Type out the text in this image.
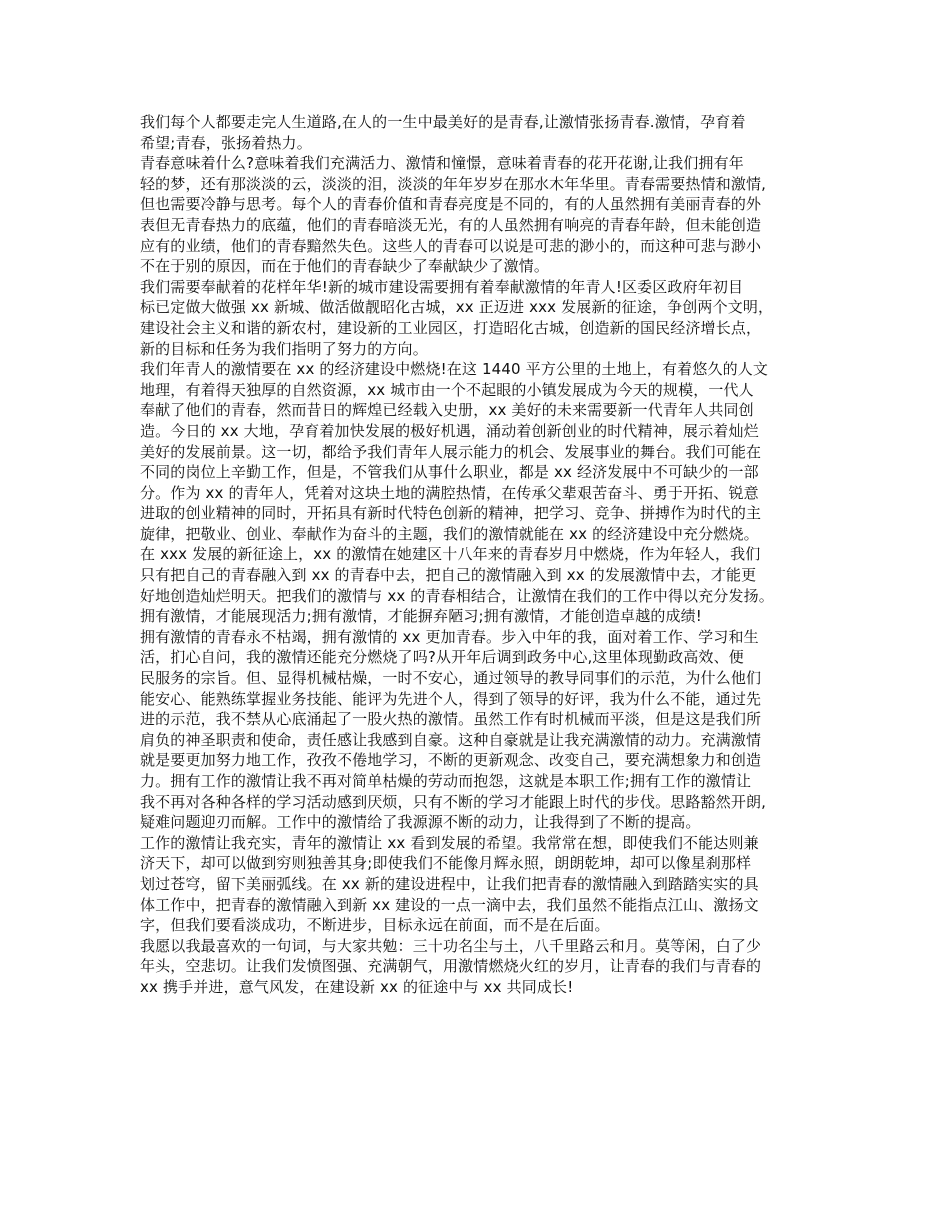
我们每个人都要走完人生道路,在人的一生中最美好的是青春,让激情张扬青春.激情，孕育着
希望;青春，张扬着热力。
青春意味着什么?意味着我们充满活力、激情和憧憬，意味着青春的花开花谢,让我们拥有年
轻的梦，还有那淡淡的云，淡淡的泪，淡淡的年年岁岁在那水木年华里。青春需要热情和激情,
但也需要冷静与思考。每个人的青春价值和青春亮度是不同的，有的人虽然拥有美丽青春的外
表但无青春热力的底蕴，他们的青春暗淡无光，有的人虽然拥有响亮的青春年龄，但未能创造
应有的业绩，他们的青春黯然失色。这些人的青春可以说是可悲的渺小的，而这种可悲与渺小
不在于别的原因，而在于他们的青春缺少了奉献缺少了激情。
我们需要奉献着的花样年华!新的城市建设需要拥有着奉献激情的年青人!区委区政府年初目
标已定做大做强 xx 新城、做活做靓昭化古城，xx 正迈进 xxx 发展新的征途，争创两个文明，
建设社会主义和谐的新农村，建设新的工业园区，打造昭化古城，创造新的国民经济增长点，
新的目标和任务为我们指明了努力的方向。
我们年青人的激情要在 xx 的经济建设中燃烧!在这 1440 平方公里的土地上，有着悠久的人文
地理，有着得天独厚的自然资源，xx 城市由一个不起眼的小镇发展成为今天的规模，一代人
奉献了他们的青春，然而昔日的辉煌已经载入史册，xx 美好的未来需要新一代青年人共同创
造。今日的 xx 大地，孕育着加快发展的极好机遇，涌动着创新创业的时代精神，展示着灿烂
美好的发展前景。这一切，都给予我们青年人展示能力的机会、发展事业的舞台。我们可能在
不同的岗位上辛勤工作，但是，不管我们从事什么职业，都是 xx 经济发展中不可缺少的一部
分。作为 xx 的青年人，凭着对这块土地的满腔热情，在传承父辈艰苦奋斗、勇于开拓、锐意
进取的创业精神的同时，开拓具有新时代特色创新的精神，把学习、竞争、拼搏作为时代的主
旋律，把敬业、创业、奉献作为奋斗的主题，我们的激情就能在 xx 的经济建设中充分燃烧。
在 xxx 发展的新征途上，xx 的激情在她建区十八年来的青春岁月中燃烧，作为年轻人，我们
只有把自己的青春融入到 xx 的青春中去，把自己的激情融入到 xx 的发展激情中去，才能更
好地创造灿烂明天。把我们的激情与 xx 的青春相结合，让激情在我们的工作中得以充分发扬。
拥有激情，才能展现活力;拥有激情，才能摒弃陋习;拥有激情，才能创造卓越的成绩!
拥有激情的青春永不枯竭，拥有激情的 xx 更加青春。步入中年的我，面对着工作、学习和生
活，扪心自问，我的激情还能充分燃烧了吗?从开年后调到政务中心,这里体现勤政高效、便
民服务的宗旨。但、显得机械枯燥，一时不安心，通过领导的教导同事们的示范，为什么他们
能安心、能熟练掌握业务技能、能评为先进个人，得到了领导的好评，我为什么不能，通过先
进的示范，我不禁从心底涌起了一股火热的激情。虽然工作有时机械而平淡，但是这是我们所
肩负的神圣职责和使命，责任感让我感到自豪。这种自豪就是让我充满激情的动力。充满激情
就是要更加努力地工作，孜孜不倦地学习，不断的更新观念、改变自己，要充满想象力和创造
力。拥有工作的激情让我不再对简单枯燥的劳动而抱怨，这就是本职工作;拥有工作的激情让
我不再对各种各样的学习活动感到厌烦，只有不断的学习才能跟上时代的步伐。思路豁然开朗,
疑难问题迎刃而解。工作中的激情给了我源源不断的动力，让我得到了不断的提高。
工作的激情让我充实，青年的激情让 xx 看到发展的希望。我常常在想，即使我们不能达则兼
济天下，却可以做到穷则独善其身;即使我们不能像月辉永照，朗朗乾坤，却可以像星刹那样
划过苍穹，留下美丽弧线。在 xx 新的建设进程中，让我们把青春的激情融入到踏踏实实的具
体工作中，把青春的激情融入到新 xx 建设的一点一滴中去，我们虽然不能指点江山、激扬文
字，但我们要看淡成功，不断进步，目标永远在前面，而不是在后面。
我愿以我最喜欢的一句词，与大家共勉：三十功名尘与土，八千里路云和月。莫等闲，白了少
年头，空悲切。让我们发愤图强、充满朝气，用激情燃烧火红的岁月，让青春的我们与青春的
xx 携手并进，意气风发，在建设新 xx 的征途中与 xx 共同成长!
